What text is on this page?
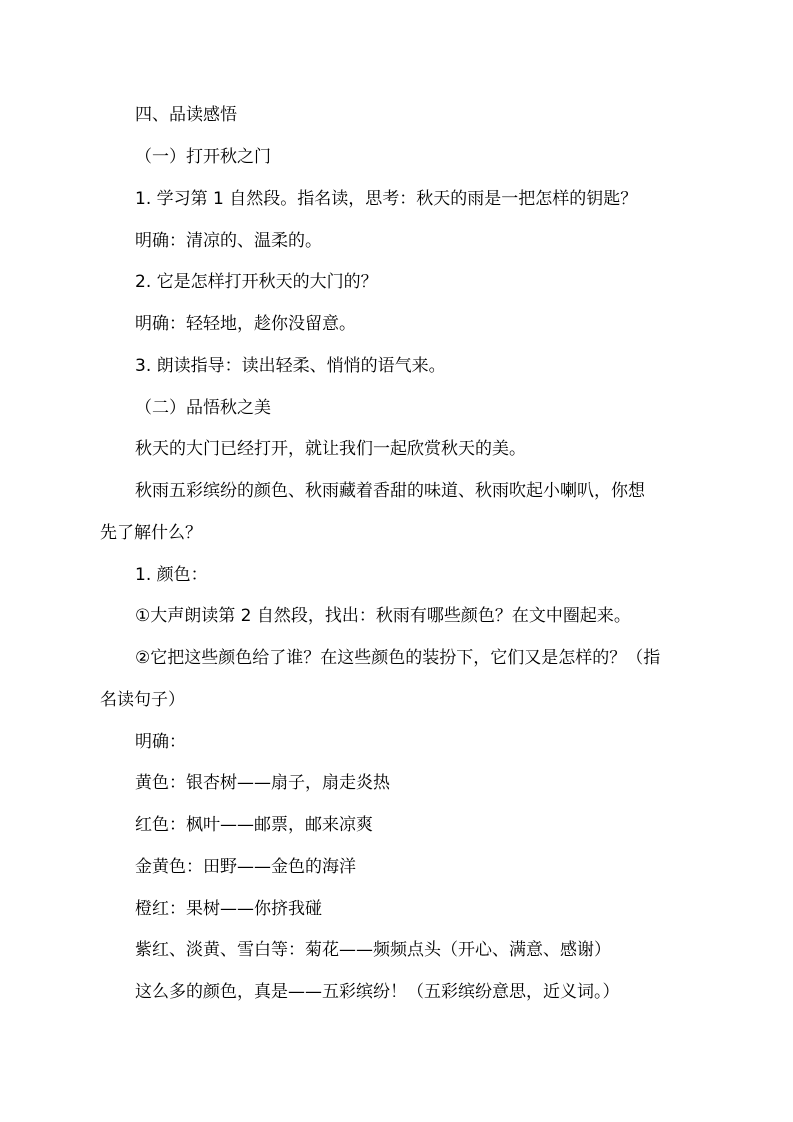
四、品读感悟
（一）打开秋之门
1. 学习第 1 自然段。指名读，思考：秋天的雨是一把怎样的钥匙？
明确：清凉的、温柔的。
2. 它是怎样打开秋天的大门的？
明确：轻轻地，趁你没留意。
3. 朗读指导：读出轻柔、悄悄的语气来。
（二）品悟秋之美
秋天的大门已经打开，就让我们一起欣赏秋天的美。
秋雨五彩缤纷的颜色、秋雨藏着香甜的味道、秋雨吹起小喇叭，你想
先了解什么？
1. 颜色：
①大声朗读第 2 自然段，找出：秋雨有哪些颜色？在文中圈起来。
②它把这些颜色给了谁？在这些颜色的装扮下，它们又是怎样的？（指
名读句子）
明确：
黄色：银杏树——扇子，扇走炎热
红色：枫叶——邮票，邮来凉爽
金黄色：田野——金色的海洋
橙红：果树——你挤我碰
紫红、淡黄、雪白等：菊花——频频点头（开心、满意、感谢）
这么多的颜色，真是——五彩缤纷！（五彩缤纷意思，近义词。）
